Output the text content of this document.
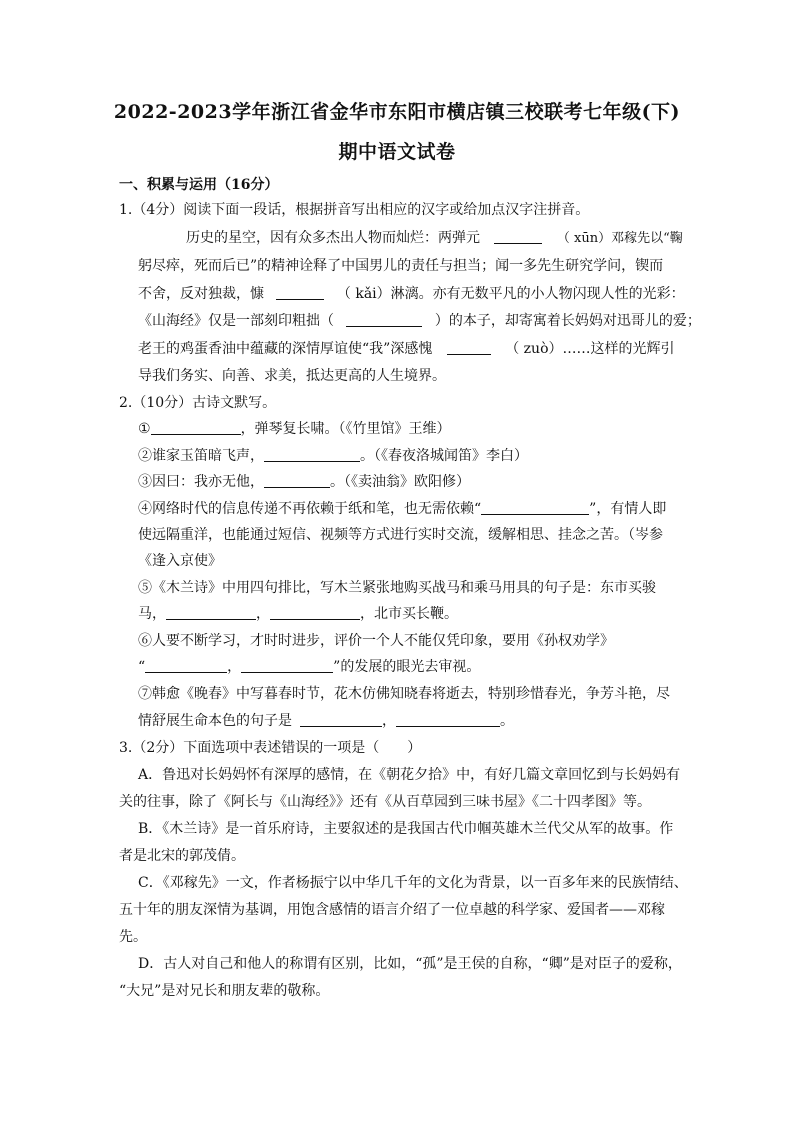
2022-2023学年浙江省金华市东阳市横店镇三校联考七年级(下)
期中语文试卷
一、积累与运用（16分）
1.（4分）阅读下面一段话，根据拼音写出相应的汉字或给加点汉字注拼音。
历史的星空，因有众多杰出人物而灿烂：两弹元	（ xūn）邓稼先以“鞠
躬尽瘁，死而后已”的精神诠释了中国男儿的责任与担当；闻一多先生研究学问，锲而
不舍，反对独裁，慷	（ kǎi）淋漓。亦有无数平凡的小人物闪现人性的光彩：
《山海经》仅是一部刻印粗拙（	）的本子，却寄寓着长妈妈对迅哥儿的爱；
老王的鸡蛋香油中蕴藏的深情厚谊使“我”深感愧	（ zuò）……这样的光辉引
导我们务实、向善、求美，抵达更高的人生境界。
2.（10分）古诗文默写。
①	，弹琴复长啸。（《竹里馆》王维）
②谁家玉笛暗飞声，	。（《春夜洛城闻笛》李白）
③因曰：我亦无他，	。（《卖油翁》欧阳修）
④网络时代的信息传递不再依赖于纸和笔，也无需依赖“	”，有情人即
使远隔重洋，也能通过短信、视频等方式进行实时交流，缓解相思、挂念之苦。（岑参
《逢入京使》
⑤《木兰诗》中用四句排比，写木兰紧张地购买战马和乘马用具的句子是：东市买骏
马，	，	，北市买长鞭。
⑥人要不断学习，才时时进步，评价一个人不能仅凭印象，要用《孙权劝学》
“	，	”的发展的眼光去审视。
⑦韩愈《晚春》中写暮春时节，花木仿佛知晓春将逝去，特别珍惜春光，争芳斗艳，尽
情舒展生命本色的句子是	，	。
3.（2分）下面选项中表述错误的一项是（　　）
A．鲁迅对长妈妈怀有深厚的感情，在《朝花夕拾》中，有好几篇文章回忆到与长妈妈有
关的往事，除了《阿长与《山海经》》还有《从百草园到三味书屋》《二十四孝图》等。
B．《木兰诗》是一首乐府诗，主要叙述的是我国古代巾帼英雄木兰代父从军的故事。作
者是北宋的郭茂倩。
C．《邓稼先》一文，作者杨振宁以中华几千年的文化为背景，以一百多年来的民族情结、
五十年的朋友深情为基调，用饱含感情的语言介绍了一位卓越的科学家、爱国者——邓稼
先。
D．古人对自己和他人的称谓有区别，比如，“孤”是王侯的自称，“卿”是对臣子的爱称，
“大兄”是对兄长和朋友辈的敬称。
